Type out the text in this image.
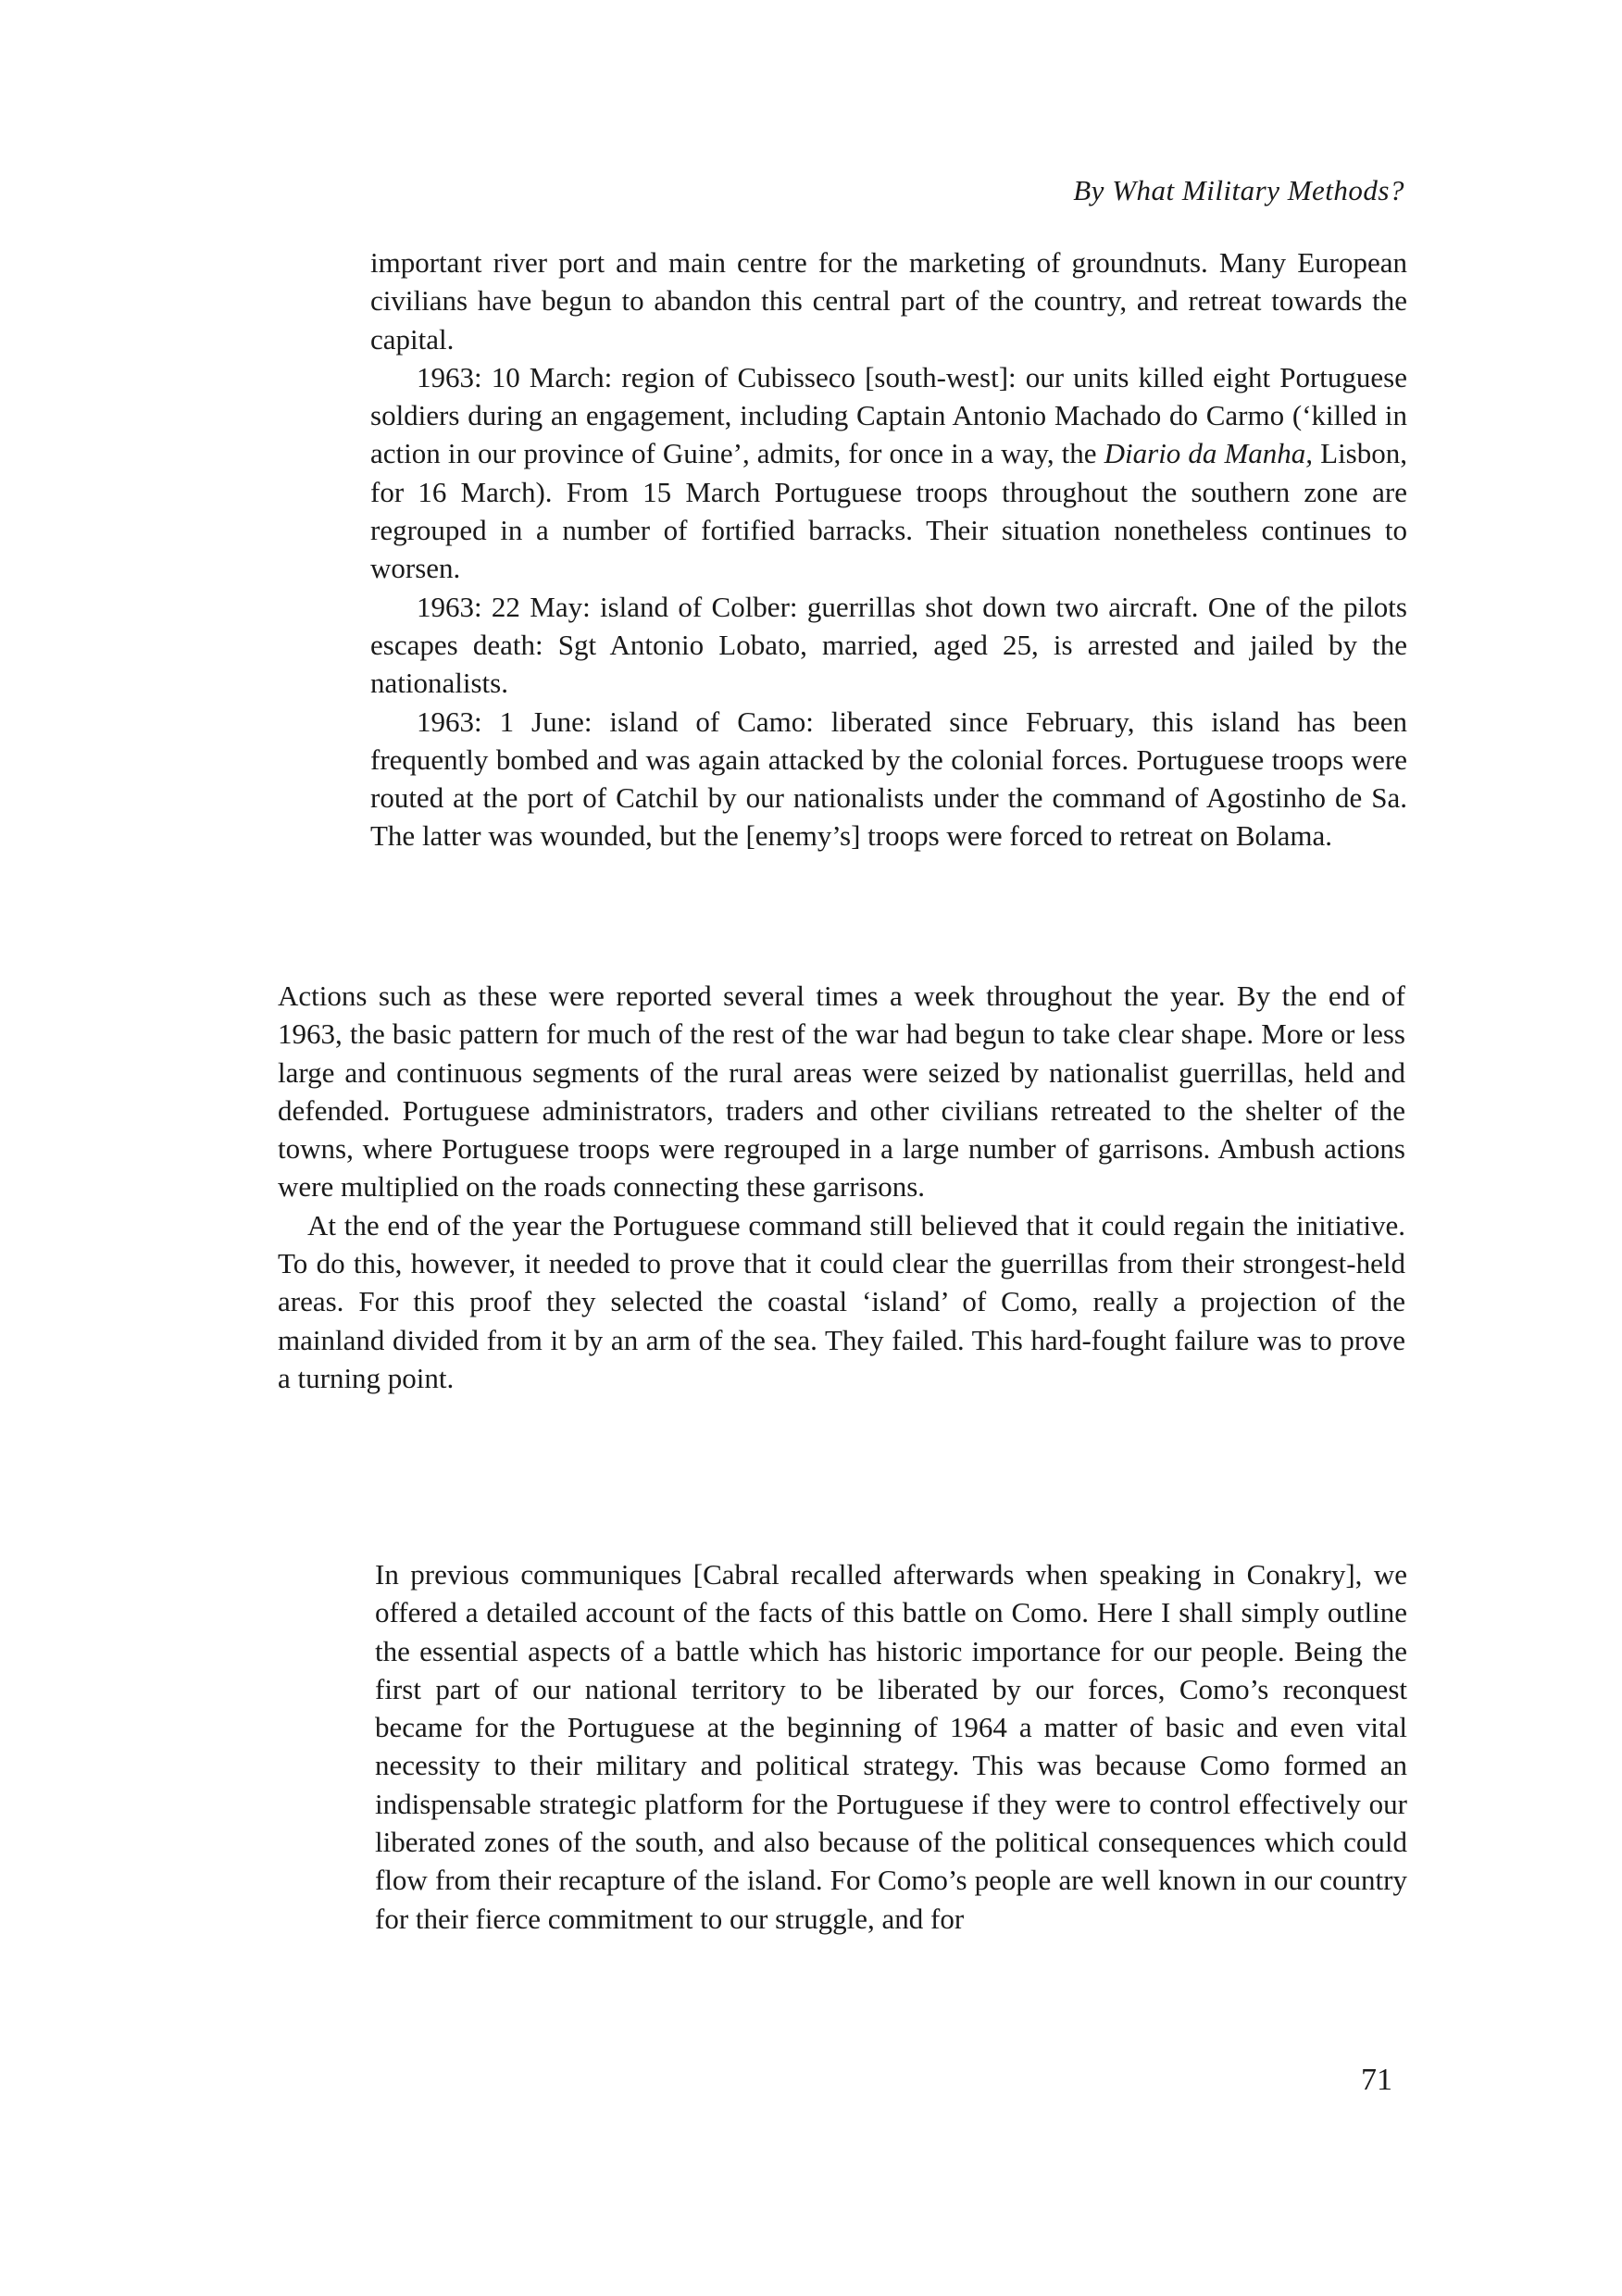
By What Military Methods?

important river port and main centre for the marketing of groundnuts. Many European civilians have begun to abandon this central part of the country, and retreat towards the capital.

1963: 10 March: region of Cubisseco [south-west]: our units killed eight Portuguese soldiers during an engagement, including Captain Antonio Machado do Carmo (‘killed in action in our province of Guine’, admits, for once in a way, the Diario da Manha, Lisbon, for 16 March). From 15 March Portuguese troops throughout the southern zone are regrouped in a number of fortified barracks. Their situation nonetheless continues to worsen.

1963: 22 May: island of Colber: guerrillas shot down two aircraft. One of the pilots escapes death: Sgt Antonio Lobato, married, aged 25, is arrested and jailed by the nationalists.

1963: 1 June: island of Camo: liberated since February, this island has been frequently bombed and was again attacked by the colonial forces. Portuguese troops were routed at the port of Catchil by our nationalists under the command of Agostinho de Sa. The latter was wounded, but the [enemy’s] troops were forced to retreat on Bolama.

Actions such as these were reported several times a week throughout the year. By the end of 1963, the basic pattern for much of the rest of the war had begun to take clear shape. More or less large and continuous segments of the rural areas were seized by nationalist guerrillas, held and defended. Portuguese administrators, traders and other civilians retreated to the shelter of the towns, where Portuguese troops were regrouped in a large number of garrisons. Ambush actions were multiplied on the roads connecting these garrisons.

At the end of the year the Portuguese command still believed that it could regain the initiative. To do this, however, it needed to prove that it could clear the guerrillas from their strongest-held areas. For this proof they selected the coastal ‘island’ of Como, really a projection of the mainland divided from it by an arm of the sea. They failed. This hard-fought failure was to prove a turning point.

In previous communiques [Cabral recalled afterwards when speaking in Conakry], we offered a detailed account of the facts of this battle on Como. Here I shall simply outline the essential aspects of a battle which has historic importance for our people. Being the first part of our national territory to be liberated by our forces, Como’s reconquest became for the Portuguese at the beginning of 1964 a matter of basic and even vital necessity to their military and political strategy. This was because Como formed an indispensable strategic platform for the Portuguese if they were to control effectively our liberated zones of the south, and also because of the political consequences which could flow from their recapture of the island. For Como’s people are well known in our country for their fierce commitment to our struggle, and for

71
